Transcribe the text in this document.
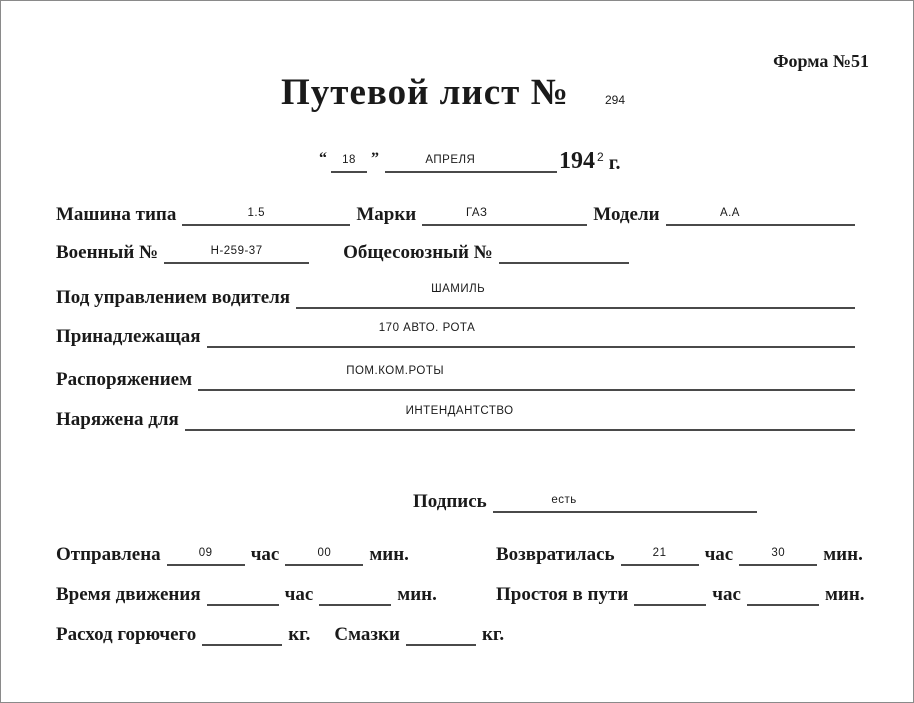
Форма №51
Путевой лист №	294
“ 18 ”	АПРЕЛЯ	194 2 г.
Машина типа	1.5	Марки	ГАЗ	Модели	А.А
Военный №	Н-259-37	Общесоюзный №
Под управлением водителя	ШАМИЛЬ
Принадлежащая	170 АВТО. РОТА
Распоряжением	ПОМ.КОМ.РОТЫ
Наряжена для	ИНТЕНДАНТСТВО
Подпись	есть
Отправлена	09 час	00 мин.	Возвратилась	21 час	30 мин.
Время движения	час	мин.	Простоя в пути	час	мин.
Расход горючего	кг. Смазки	кг.
